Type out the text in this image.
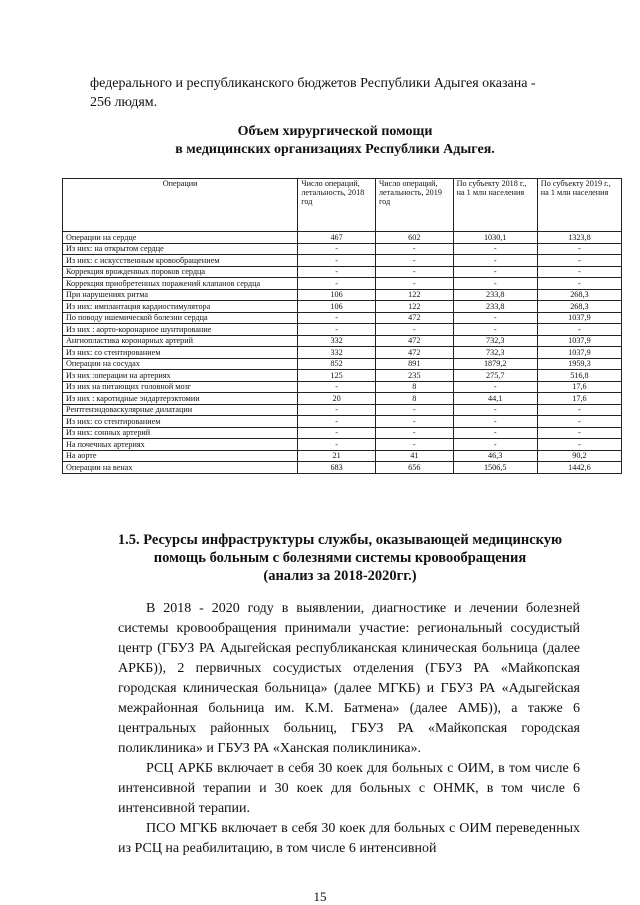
федерального и республиканского бюджетов Республики Адыгея оказана -
256 людям.
Объем хирургической помощи
в медицинских организациях Республики Адыгея.
Операции	Число операций, летальность, 2018 год	Число операций, летальность, 2019 год	По субъекту 2018 г., на 1 млн населения	По субъекту 2019 г., на 1 млн населения
Операции на сердце	467	602	1030,1	1323,8
Из них: на открытом сердце	-	-	-	-
Из них: с искусственным кровообращением	-	-	-	-
Коррекция врожденных пороков сердца	-	-	-	-
Коррекция приобретенных поражений клапанов сердца	-	-	-	-
При нарушениях ритма	106	122	233,8	268,3
Из них: имплантация кардиостимулятора	106	122	233,8	268,3
По поводу ишемической болезни сердца	-	472	-	1037,9
Из них : аорто-коронарное шунтирование	-	-	-	-
Ангиопластика коронарных артерий	332	472	732,3	1037,9
Из них: со стентированием	332	472	732,3	1037,9
Операции на сосудах	852	891	1879,2	1959,3
Из них :операции на артериях	125	235	275,7	516,8
Из них на питающих головной мозг	-	8	-	17,6
Из них : каротидные эндартерэктомии	20	8	44,1	17,6
Рентгенэндоваскулярные дилатации	-	-	-	-
Из них: со стентированием	-	-	-	-
Из них: сонных артерий	-	-	-	-
На почечных артериях	-	-	-	-
На аорте	21	41	46,3	90,2
Операции на венах	683	656	1506,5	1442,6
1.5. Ресурсы инфраструктуры службы, оказывающей медицинскую
помощь больным с болезнями системы кровообращения
(анализ за 2018-2020гг.)

В 2018 - 2020 году в выявлении, диагностике и лечении болезней системы кровообращения принимали участие: региональный сосудистый центр (ГБУЗ РА Адыгейская республиканская клиническая больница (далее АРКБ)), 2 первичных сосудистых отделения (ГБУЗ РА «Майкопская городская клиническая больница» (далее МГКБ) и ГБУЗ РА «Адыгейская межрайонная больница им. К.М. Батмена» (далее АМБ)), а также 6 центральных районных больниц, ГБУЗ РА «Майкопская городская поликлиника» и ГБУЗ РА «Ханская поликлиника».

РСЦ АРКБ включает в себя 30 коек для больных с ОИМ, в том числе 6 интенсивной терапии и 30 коек для больных с ОНМК, в том числе 6 интенсивной терапии.

ПСО МГКБ включает в себя 30 коек для больных с ОИМ переведенных из РСЦ на реабилитацию, в том числе 6 интенсивной

15
